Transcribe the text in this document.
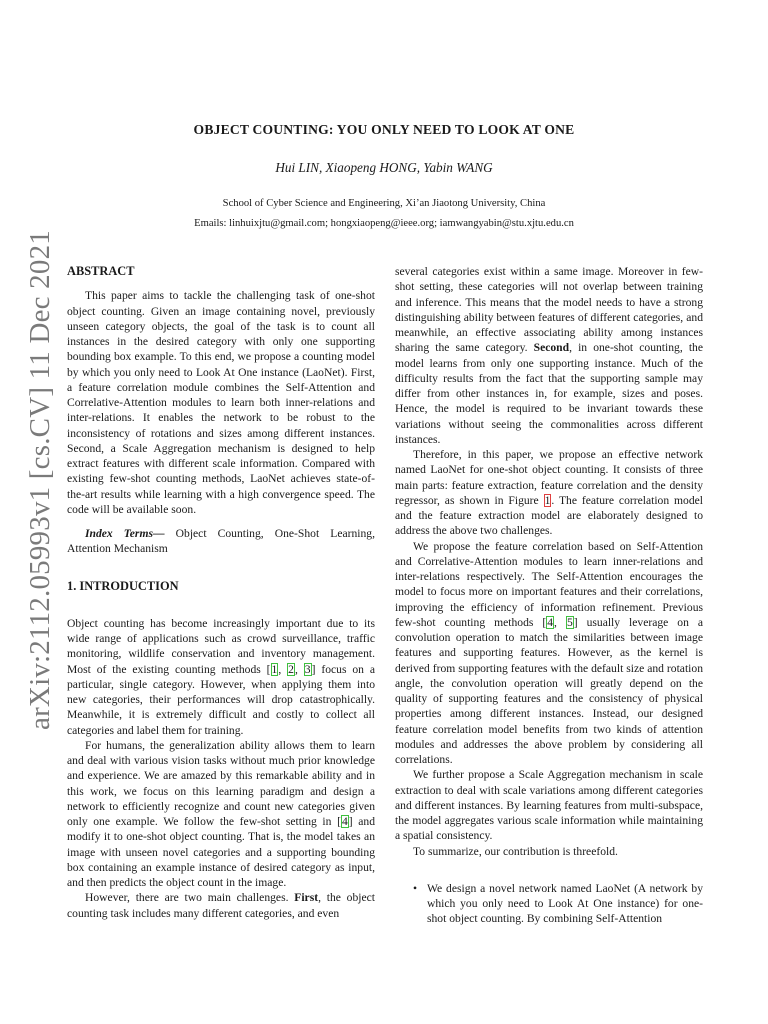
arXiv:2112.05993v1 [cs.CV] 11 Dec 2021
OBJECT COUNTING: YOU ONLY NEED TO LOOK AT ONE
Hui LIN, Xiaopeng HONG, Yabin WANG
School of Cyber Science and Engineering, Xi’an Jiaotong University, China
Emails: linhuixjtu@gmail.com; hongxiaopeng@ieee.org; iamwangyabin@stu.xjtu.edu.cn

ABSTRACT

This paper aims to tackle the challenging task of one-shot object counting. Given an image containing novel, previously unseen category objects, the goal of the task is to count all instances in the desired category with only one supporting bounding box example. To this end, we propose a counting model by which you only need to Look At One instance (LaoNet). First, a feature correlation module combines the Self-Attention and Correlative-Attention modules to learn both inner-relations and inter-relations. It enables the network to be robust to the inconsistency of rotations and sizes among different instances. Second, a Scale Aggregation mechanism is designed to help extract features with different scale information. Compared with existing few-shot counting methods, LaoNet achieves state-of-the-art results while learning with a high convergence speed. The code will be available soon.

Index Terms— Object Counting, One-Shot Learning, Attention Mechanism

1. INTRODUCTION

Object counting has become increasingly important due to its wide range of applications such as crowd surveillance, traffic monitoring, wildlife conservation and inventory management. Most of the existing counting methods [1, 2, 3] focus on a particular, single category. However, when applying them into new categories, their performances will drop catastrophically. Meanwhile, it is extremely difficult and costly to collect all categories and label them for training.

For humans, the generalization ability allows them to learn and deal with various vision tasks without much prior knowledge and experience. We are amazed by this remarkable ability and in this work, we focus on this learning paradigm and design a network to efficiently recognize and count new categories given only one example. We follow the few-shot setting in [4] and modify it to one-shot object counting. That is, the model takes an image with unseen novel categories and a supporting bounding box containing an example instance of desired category as input, and then predicts the object count in the image.

However, there are two main challenges. First, the object counting task includes many different categories, and even

several categories exist within a same image. Moreover in few-shot setting, these categories will not overlap between training and inference. This means that the model needs to have a strong distinguishing ability between features of different categories, and meanwhile, an effective associating ability among instances sharing the same category. Second, in one-shot counting, the model learns from only one supporting instance. Much of the difficulty results from the fact that the supporting sample may differ from other instances in, for example, sizes and poses. Hence, the model is required to be invariant towards these variations without seeing the commonalities across different instances.

Therefore, in this paper, we propose an effective network named LaoNet for one-shot object counting. It consists of three main parts: feature extraction, feature correlation and the density regressor, as shown in Figure 1. The feature correlation model and the feature extraction model are elaborately designed to address the above two challenges.

We propose the feature correlation based on Self-Attention and Correlative-Attention modules to learn inner-relations and inter-relations respectively. The Self-Attention encourages the model to focus more on important features and their correlations, improving the efficiency of information refinement. Previous few-shot counting methods [4, 5] usually leverage on a convolution operation to match the similarities between image features and supporting features. However, as the kernel is derived from supporting features with the default size and rotation angle, the convolution operation will greatly depend on the quality of supporting features and the consistency of physical properties among different instances. Instead, our designed feature correlation model benefits from two kinds of attention modules and addresses the above problem by considering all correlations.

We further propose a Scale Aggregation mechanism in scale extraction to deal with scale variations among different categories and different instances. By learning features from multi-subspace, the model aggregates various scale information while maintaining a spatial consistency.

To summarize, our contribution is threefold.

• We design a novel network named LaoNet (A network by which you only need to Look At One instance) for one-shot object counting. By combining Self-Attention
